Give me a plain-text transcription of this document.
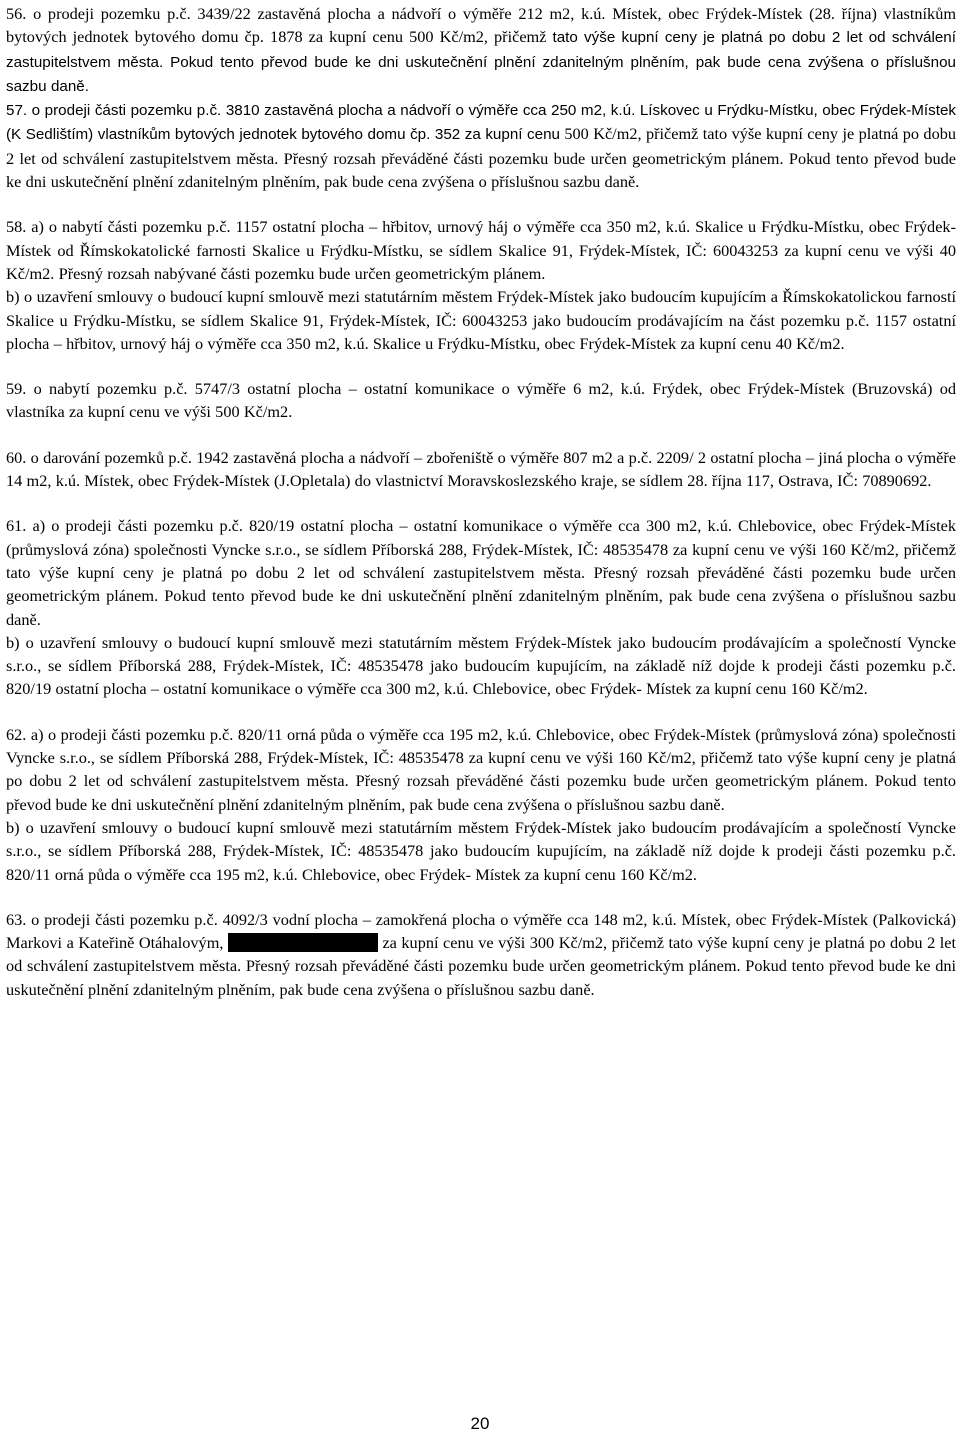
56. o prodeji pozemku p.č. 3439/22 zastavěná plocha a nádvoří o výměře 212 m2, k.ú. Místek, obec Frýdek-Místek (28. října) vlastníkům bytových jednotek bytového domu čp. 1878 za kupní cenu 500 Kč/m2, přičemž tato výše kupní ceny je platná po dobu 2 let od schválení zastupitelstvem města. Pokud tento převod bude ke dni uskutečnění plnění zdanitelným plněním, pak bude cena zvýšena o příslušnou sazbu daně.

57. o prodeji části pozemku p.č. 3810 zastavěná plocha a nádvoří o výměře cca 250 m2, k.ú. Lískovec u Frýdku-Místku, obec Frýdek-Místek (K Sedlištím) vlastníkům bytových jednotek bytového domu čp. 352 za kupní cenu 500 Kč/m2, přičemž tato výše kupní ceny je platná po dobu 2 let od schválení zastupitelstvem města. Přesný rozsah převáděné části pozemku bude určen geometrickým plánem. Pokud tento převod bude ke dni uskutečnění plnění zdanitelným plněním, pak bude cena zvýšena o příslušnou sazbu daně.

58. a) o nabytí části pozemku p.č. 1157 ostatní plocha – hřbitov, urnový háj o výměře cca 350 m2, k.ú. Skalice u Frýdku-Místku, obec Frýdek-Místek od Římskokatolické farnosti Skalice u Frýdku-Místku, se sídlem Skalice 91, Frýdek-Místek, IČ: 60043253 za kupní cenu ve výši 40 Kč/m2. Přesný rozsah nabývané části pozemku bude určen geometrickým plánem.

b) o uzavření smlouvy o budoucí kupní smlouvě mezi statutárním městem Frýdek-Místek jako budoucím kupujícím a Římskokatolickou farností Skalice u Frýdku-Místku, se sídlem Skalice 91, Frýdek-Místek, IČ: 60043253 jako budoucím prodávajícím na část pozemku p.č. 1157 ostatní plocha – hřbitov, urnový háj o výměře cca 350 m2, k.ú. Skalice u Frýdku-Místku, obec Frýdek-Místek za kupní cenu 40 Kč/m2.

59. o nabytí pozemku p.č. 5747/3 ostatní plocha – ostatní komunikace o výměře 6 m2, k.ú. Frýdek, obec Frýdek-Místek (Bruzovská) od vlastníka za kupní cenu ve výši 500 Kč/m2.

60. o darování pozemků p.č. 1942 zastavěná plocha a nádvoří – zbořeniště o výměře 807 m2 a p.č. 2209/ 2 ostatní plocha – jiná plocha o výměře 14 m2, k.ú. Místek, obec Frýdek-Místek (J.Opletala) do vlastnictví Moravskoslezského kraje, se sídlem 28. října 117, Ostrava, IČ: 70890692.

61. a) o prodeji části pozemku p.č. 820/19 ostatní plocha – ostatní komunikace o výměře cca 300 m2, k.ú. Chlebovice, obec Frýdek-Místek (průmyslová zóna) společnosti Vyncke s.r.o., se sídlem Příborská 288, Frýdek-Místek, IČ: 48535478 za kupní cenu ve výši 160 Kč/m2, přičemž tato výše kupní ceny je platná po dobu 2 let od schválení zastupitelstvem města. Přesný rozsah převáděné části pozemku bude určen geometrickým plánem. Pokud tento převod bude ke dni uskutečnění plnění zdanitelným plněním, pak bude cena zvýšena o příslušnou sazbu daně.

b) o uzavření smlouvy o budoucí kupní smlouvě mezi statutárním městem Frýdek-Místek jako budoucím prodávajícím a společností Vyncke s.r.o., se sídlem Příborská 288, Frýdek-Místek, IČ: 48535478 jako budoucím kupujícím, na základě níž dojde k prodeji části pozemku p.č. 820/19 ostatní plocha – ostatní komunikace o výměře cca 300 m2, k.ú. Chlebovice, obec Frýdek- Místek za kupní cenu 160 Kč/m2.

62. a) o prodeji části pozemku p.č. 820/11 orná půda o výměře cca 195 m2, k.ú. Chlebovice, obec Frýdek-Místek (průmyslová zóna) společnosti Vyncke s.r.o., se sídlem Příborská 288, Frýdek-Místek, IČ: 48535478 za kupní cenu ve výši 160 Kč/m2, přičemž tato výše kupní ceny je platná po dobu 2 let od schválení zastupitelstvem města. Přesný rozsah převáděné části pozemku bude určen geometrickým plánem. Pokud tento převod bude ke dni uskutečnění plnění zdanitelným plněním, pak bude cena zvýšena o příslušnou sazbu daně.

b) o uzavření smlouvy o budoucí kupní smlouvě mezi statutárním městem Frýdek-Místek jako budoucím prodávajícím a společností Vyncke s.r.o., se sídlem Příborská 288, Frýdek-Místek, IČ: 48535478 jako budoucím kupujícím, na základě níž dojde k prodeji části pozemku p.č. 820/11 orná půda o výměře cca 195 m2, k.ú. Chlebovice, obec Frýdek- Místek za kupní cenu 160 Kč/m2.

63. o prodeji části pozemku p.č. 4092/3 vodní plocha – zamokřená plocha o výměře cca 148 m2, k.ú. Místek, obec Frýdek-Místek (Palkovická) Markovi a Kateřině Otáhalovým,	za kupní cenu ve výši 300 Kč/m2, přičemž tato výše kupní ceny je platná po dobu 2 let od schválení zastupitelstvem města. Přesný rozsah převáděné části pozemku bude určen geometrickým plánem. Pokud tento převod bude ke dni uskutečnění plnění zdanitelným plněním, pak bude cena zvýšena o příslušnou sazbu daně.

20
